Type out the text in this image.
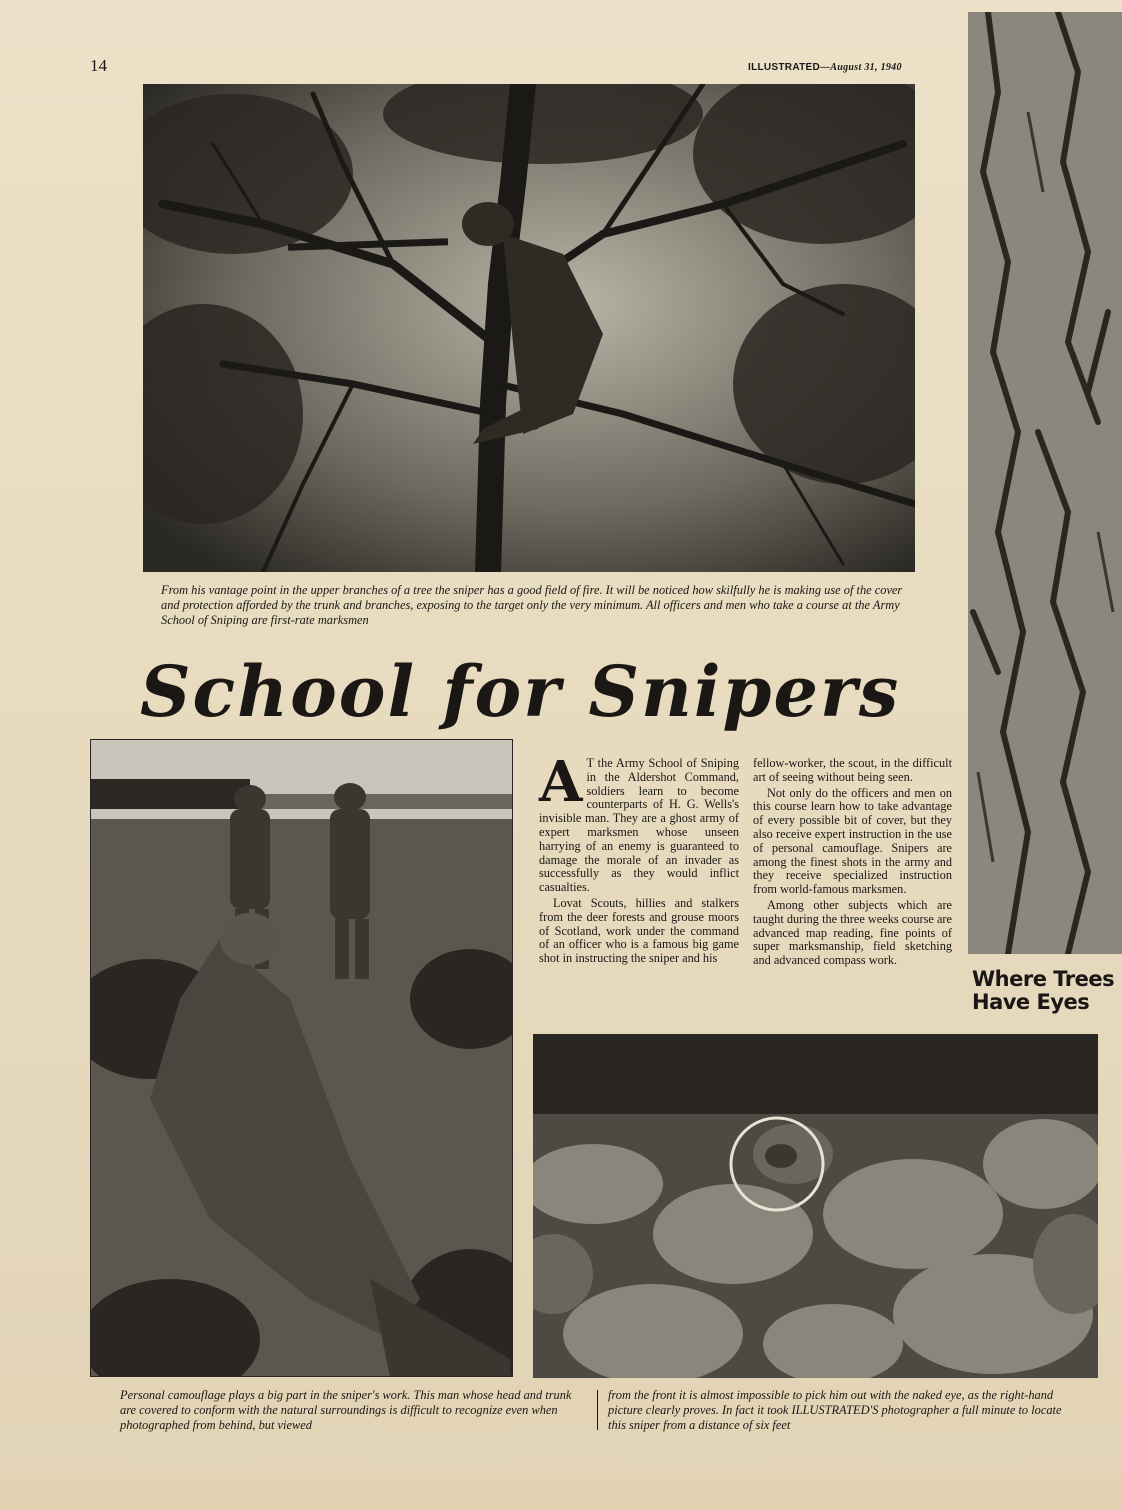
14	ILLUSTRATED—August 31, 1940
From his vantage point in the upper branches of a tree the sniper has a good field of fire. It will be noticed how skilfully he is making use of the cover and protection afforded by the trunk and branches, exposing to the target only the very minimum. All officers and men who take a course at the Army School of Sniping are first-rate marksmen
School for Snipers

A T the Army School of Sniping in the Aldershot Command, soldiers learn to become counterparts of H. G. Wells's invisible man. They are a ghost army of expert marksmen whose unseen harrying of an enemy is guaranteed to damage the morale of an invader as successfully as they would inflict casualties.

Lovat Scouts, hillies and stalkers from the deer forests and grouse moors of Scotland, work under the command of an officer who is a famous big game shot in instructing the sniper and his

fellow-worker, the scout, in the difficult art of seeing without being seen.

Not only do the officers and men on this course learn how to take advantage of every possible bit of cover, but they also receive expert instruction in the use of personal camouflage. Snipers are among the finest shots in the army and they receive specialized instruction from world-famous marksmen.

Among other subjects which are taught during the three weeks course are advanced map reading, fine points of super marksmanship, field sketching and advanced compass work.

Where Trees
Have Eyes
Personal camouflage plays a big part in the sniper's work. This man whose head and trunk are covered to conform with the natural surroundings is difficult to recognize even when photographed from behind, but viewed
from the front it is almost impossible to pick him out with the naked eye, as the right-hand picture clearly proves. In fact it took ILLUSTRATED'S photographer a full minute to locate this sniper from a distance of six feet
